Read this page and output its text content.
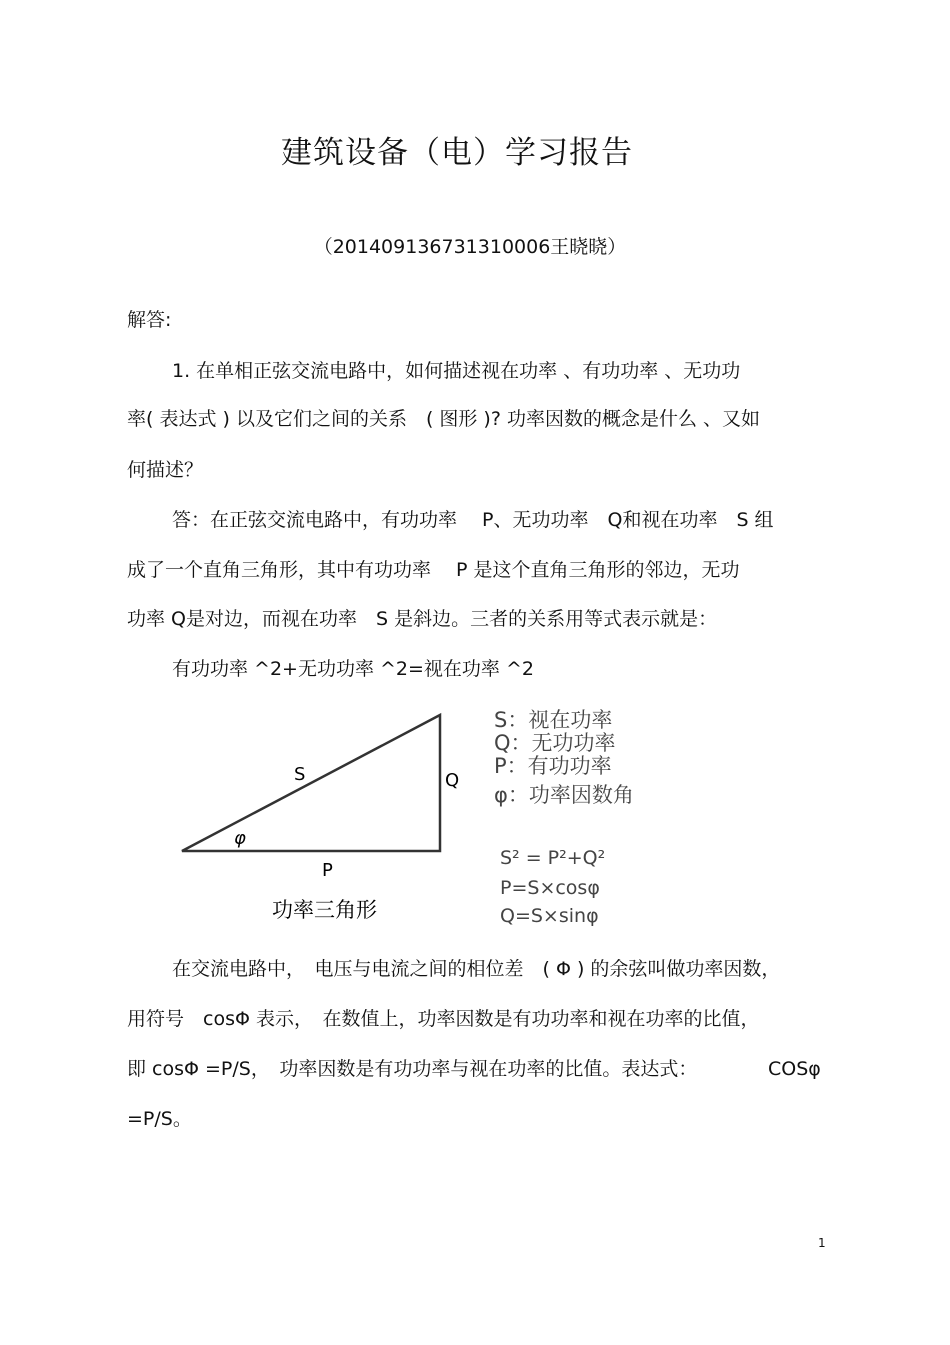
建筑设备（电）学习报告
（201409136731310006王晓晓）
解答:
1. 在单相正弦交流电路中，如何描述视在功率 、有功功率 、无功功
率( 表达式 ) 以及它们之间的关系　( 图形 )? 功率因数的概念是什么 、又如
何描述？
答：在正弦交流电路中，有功功率　 P、无功功率　Q和视在功率　S 组
成了一个直角三角形，其中有功功率　 P 是这个直角三角形的邻边，无功
功率 Q是对边，而视在功率　S 是斜边。三者的关系用等式表示就是：
有功功率 ^2+无功功率 ^2=视在功率 ^2
S	Q
P
φ
功率三角形
S：视在功率
Q：无功功率
P：有功功率
φ：功率因数角
S² = P²+Q²
P=S×cosφ
Q=S×sinφ
在交流电路中，　电压与电流之间的相位差　( Φ ) 的余弦叫做功率因数，
用符号　cosΦ 表示，　在数值上，功率因数是有功功率和视在功率的比值，
即 cosΦ =P/S，　功率因数是有功功率与视在功率的比值。表达式：	COSφ
=P/S。
1
